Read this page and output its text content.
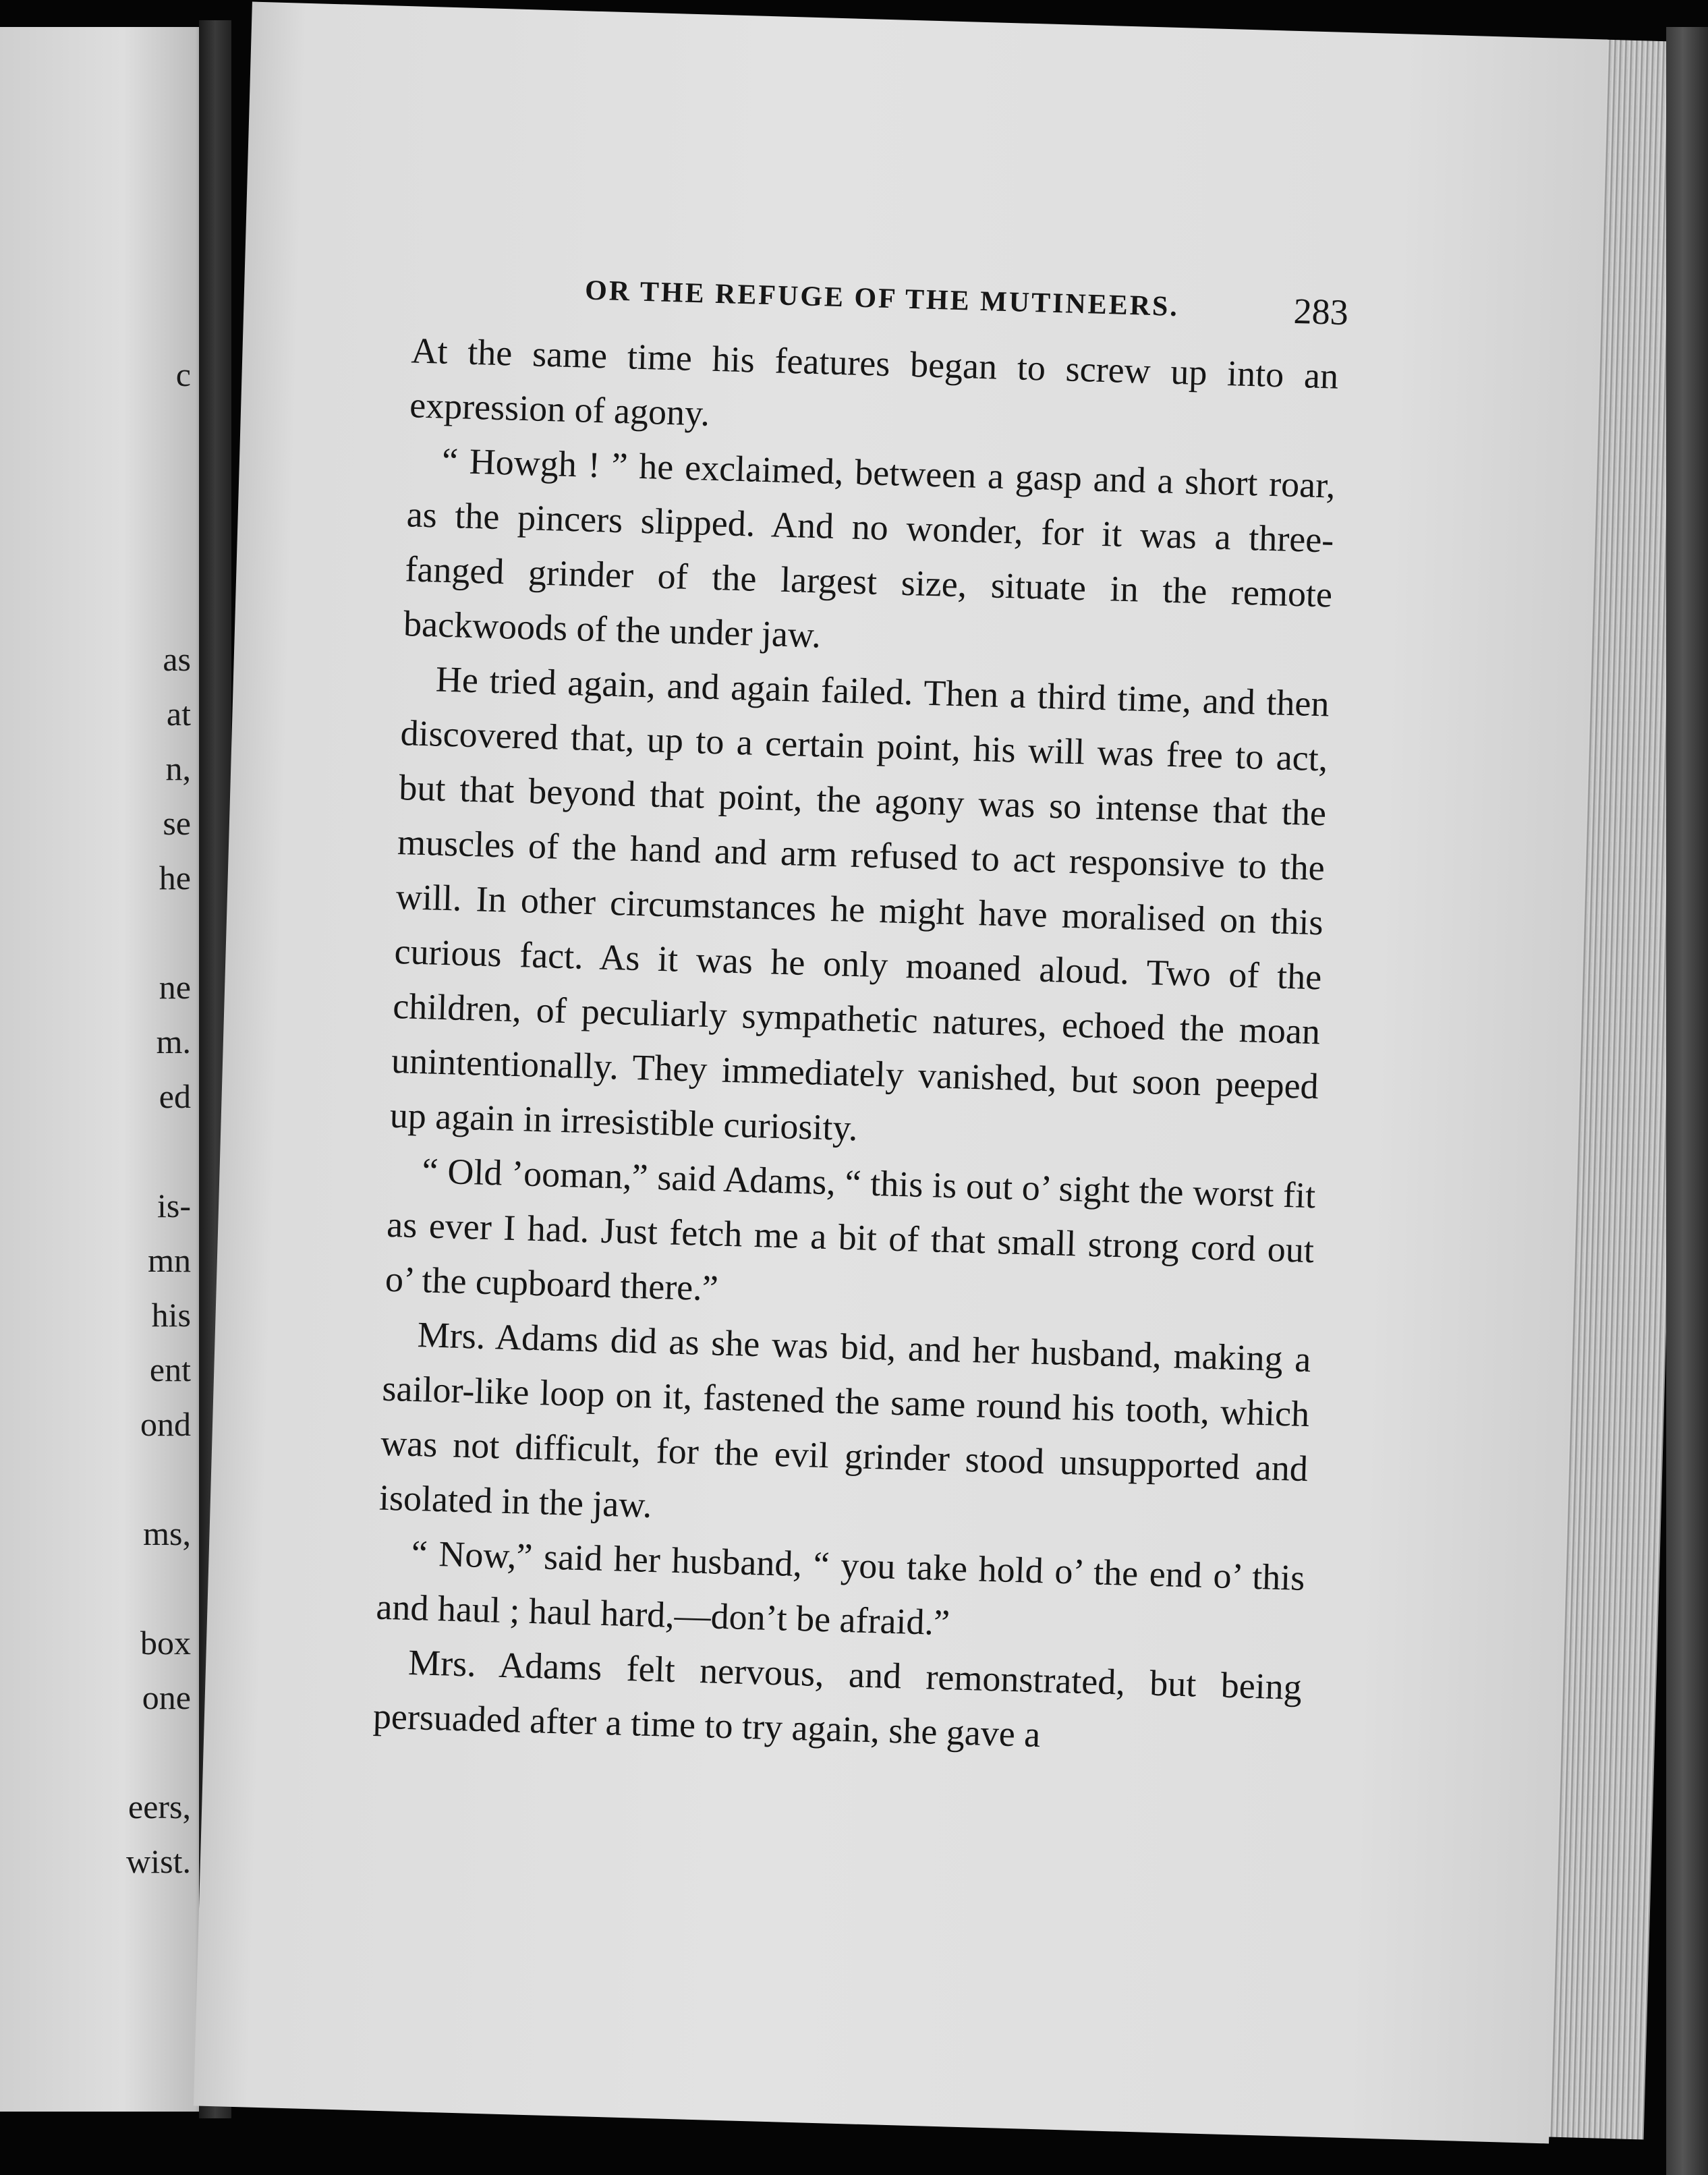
c
as
at
n,
se
he
ne
m.
ed
is-
mn
his
ent
ond
ms,
box
one
eers,
wist.
OR THE REFUGE OF THE MUTINEERS.	283

At the same time his features began to screw up into an expression of agony.

“ Howgh ! ” he exclaimed, between a gasp and a short roar, as the pincers slipped. And no wonder, for it was a three-fanged grinder of the largest size, situate in the remote backwoods of the under jaw.

He tried again, and again failed. Then a third time, and then discovered that, up to a certain point, his will was free to act, but that beyond that point, the agony was so intense that the muscles of the hand and arm refused to act responsive to the will. In other circumstances he might have moralised on this curious fact. As it was he only moaned aloud. Two of the children, of peculiarly sympathetic natures, echoed the moan unintentionally. They immediately vanished, but soon peeped up again in irresistible curiosity.

“ Old ’ooman,” said Adams, “ this is out o’ sight the worst fit as ever I had. Just fetch me a bit of that small strong cord out o’ the cupboard there.”

Mrs. Adams did as she was bid, and her husband, making a sailor-like loop on it, fastened the same round his tooth, which was not difficult, for the evil grinder stood unsupported and isolated in the jaw.

“ Now,” said her husband, “ you take hold o’ the end o’ this and haul ; haul hard,—don’t be afraid.”

Mrs. Adams felt nervous, and remonstrated, but being persuaded after a time to try again, she gave a
